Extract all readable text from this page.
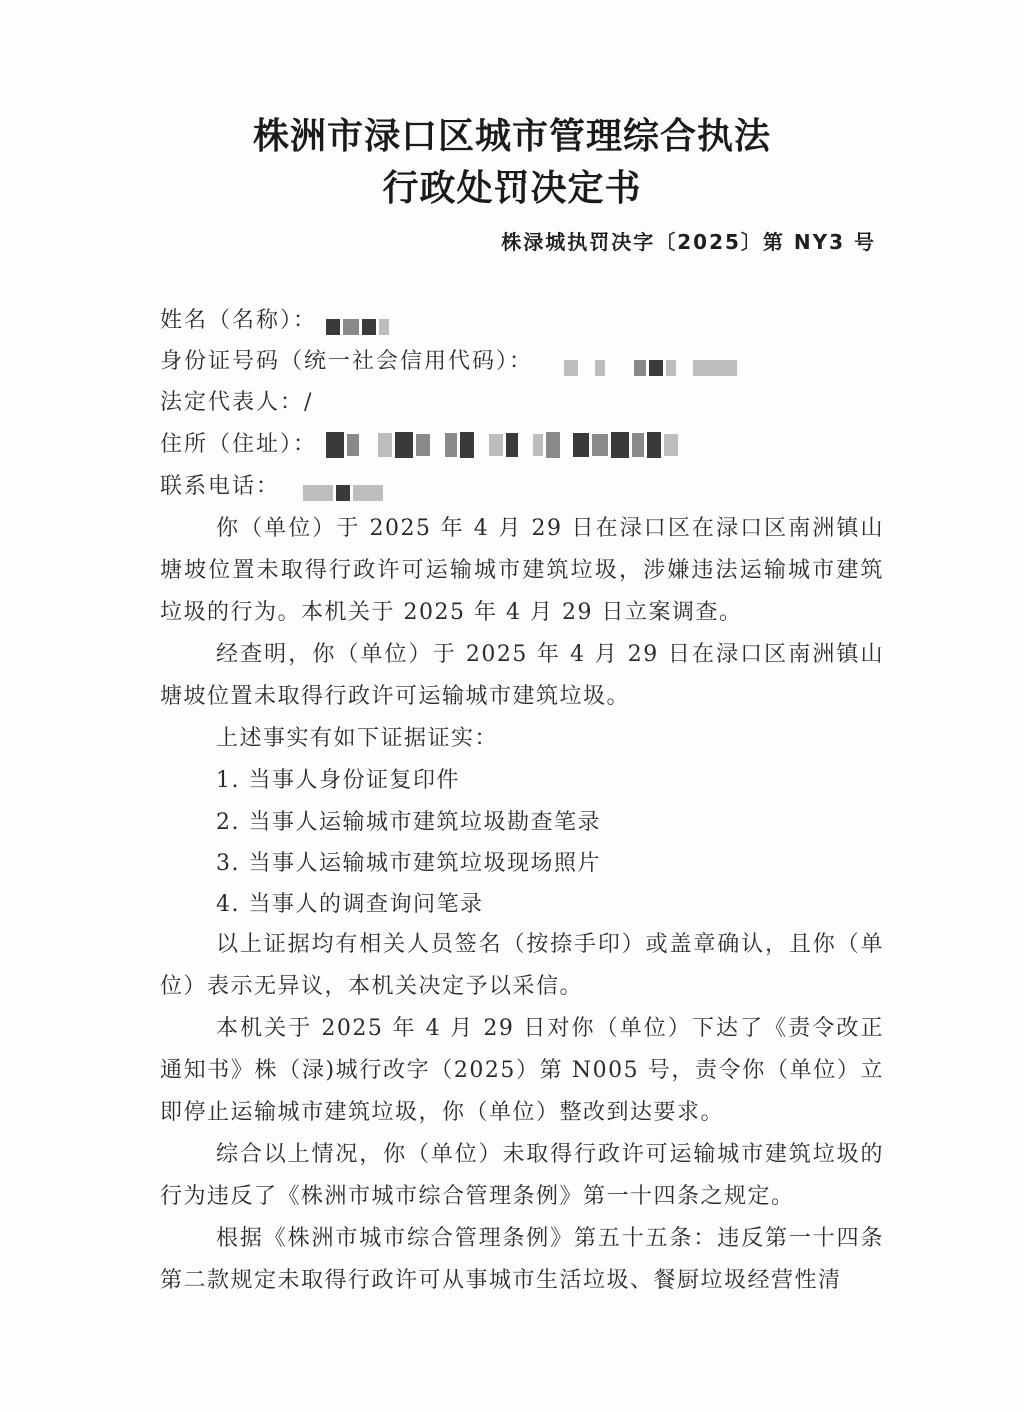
株洲市渌口区城市管理综合执法
行政处罚决定书
株渌城执罚决字〔2025〕第 NY3 号
姓名（名称）：
身份证号码（统一社会信用代码）：
法定代表人：/
住所（住址）：
联系电话：
你（单位）于 2025 年 4 月 29 日在渌口区在渌口区南洲镇山塘坡位置未取得行政许可运输城市建筑垃圾，涉嫌违法运输城市建筑垃圾的行为。本机关于 2025 年 4 月 29 日立案调查。
经查明，你（单位）于 2025 年 4 月 29 日在渌口区南洲镇山塘坡位置未取得行政许可运输城市建筑垃圾。
上述事实有如下证据证实：
1. 当事人身份证复印件
2. 当事人运输城市建筑垃圾勘查笔录
3. 当事人运输城市建筑垃圾现场照片
4. 当事人的调查询问笔录
以上证据均有相关人员签名（按捺手印）或盖章确认，且你（单位）表示无异议，本机关决定予以采信。
本机关于 2025 年 4 月 29 日对你（单位）下达了《责令改正通知书》株（渌)城行改字（2025）第 N005 号，责令你（单位）立即停止运输城市建筑垃圾，你（单位）整改到达要求。
综合以上情况，你（单位）未取得行政许可运输城市建筑垃圾的行为违反了《株洲市城市综合管理条例》第一十四条之规定。
根据《株洲市城市综合管理条例》第五十五条：违反第一十四条第二款规定未取得行政许可从事城市生活垃圾、餐厨垃圾经营性清
